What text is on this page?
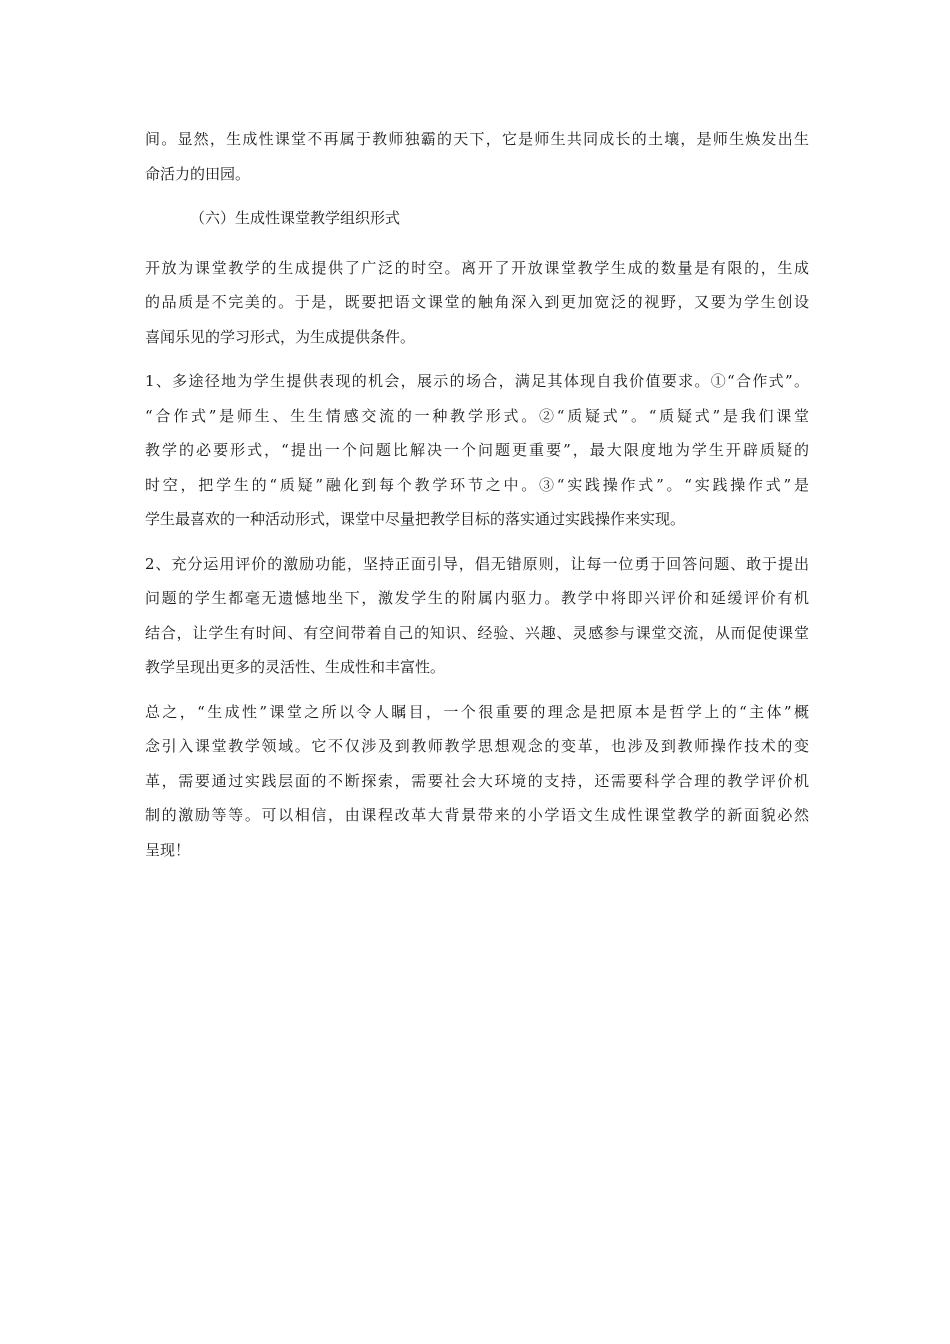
间。显然，生成性课堂不再属于教师独霸的天下，它是师生共同成长的土壤，是师生焕发出生
命活力的田园。
（六）生成性课堂教学组织形式
开放为课堂教学的生成提供了广泛的时空。离开了开放课堂教学生成的数量是有限的，生成
的品质是不完美的。于是，既要把语文课堂的触角深入到更加宽泛的视野，又要为学生创设
喜闻乐见的学习形式，为生成提供条件。
1、多途径地为学生提供表现的机会，展示的场合，满足其体现自我价值要求。①“合作式”。
“合作式”是师生、生生情感交流的一种教学形式。②“质疑式”。“质疑式”是我们课堂
教学的必要形式，“提出一个问题比解决一个问题更重要”，最大限度地为学生开辟质疑的
时空，把学生的“质疑”融化到每个教学环节之中。③“实践操作式”。“实践操作式”是
学生最喜欢的一种活动形式，课堂中尽量把教学目标的落实通过实践操作来实现。
2、充分运用评价的激励功能，坚持正面引导，倡无错原则，让每一位勇于回答问题、敢于提出
问题的学生都毫无遗憾地坐下，激发学生的附属内驱力。教学中将即兴评价和延缓评价有机
结合，让学生有时间、有空间带着自己的知识、经验、兴趣、灵感参与课堂交流，从而促使课堂
教学呈现出更多的灵活性、生成性和丰富性。
总之，“生成性”课堂之所以令人瞩目，一个很重要的理念是把原本是哲学上的“主体”概
念引入课堂教学领域。它不仅涉及到教师教学思想观念的变革，也涉及到教师操作技术的变
革，需要通过实践层面的不断探索，需要社会大环境的支持，还需要科学合理的教学评价机
制的激励等等。可以相信，由课程改革大背景带来的小学语文生成性课堂教学的新面貌必然
呈现！
